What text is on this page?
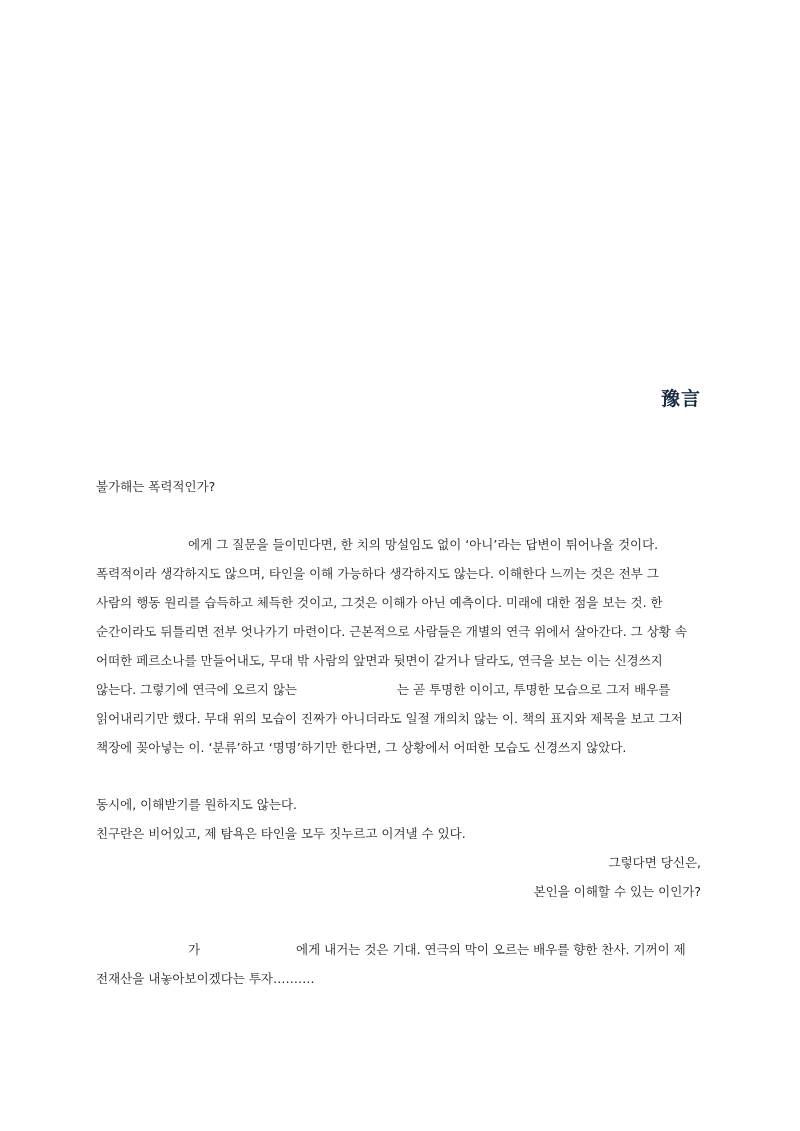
豫言
불가해는 폭력적인가?
에게 그 질문을 들이민다면, 한 치의 망설임도 없이 ‘아니’라는 답변이 튀어나올 것이다.
폭력적이라 생각하지도 않으며, 타인을 이해 가능하다 생각하지도 않는다. 이해한다 느끼는 것은 전부 그
사람의 행동 원리를 습득하고 체득한 것이고, 그것은 이해가 아닌 예측이다. 미래에 대한 점을 보는 것. 한
순간이라도 뒤틀리면 전부 엇나가기 마련이다. 근본적으로 사람들은 개별의 연극 위에서 살아간다. 그 상황 속
어떠한 페르소나를 만들어내도, 무대 밖 사람의 앞면과 뒷면이 같거나 달라도, 연극을 보는 이는 신경쓰지
않는다. 그렇기에 연극에 오르지 않는	는 곧 투명한 이이고, 투명한 모습으로 그저 배우를
읽어내리기만 했다. 무대 위의 모습이 진짜가 아니더라도 일절 개의치 않는 이. 책의 표지와 제목을 보고 그저
책장에 꽂아넣는 이. ‘분류’하고 ‘명명’하기만 한다면, 그 상황에서 어떠한 모습도 신경쓰지 않았다.
동시에, 이해받기를 원하지도 않는다.
친구란은 비어있고, 제 탐욕은 타인을 모두 짓누르고 이겨낼 수 있다.
그렇다면 당신은,
본인을 이해할 수 있는 이인가?
가	에게 내거는 것은 기대. 연극의 막이 오르는 배우를 향한 찬사. 기꺼이 제
전재산을 내놓아보이겠다는 투자……….
